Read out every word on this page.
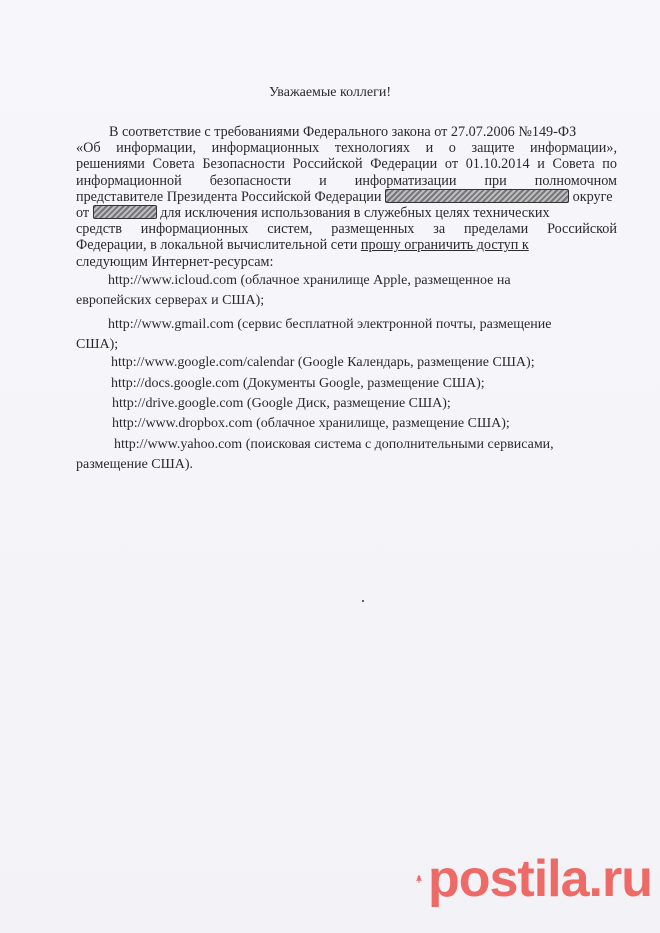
Уважаемые коллеги!
В соответствие с требованиями Федерального закона от 27.07.2006 №149-ФЗ
«Об информации, информационных технологиях и о защите информации»,
решениями Совета Безопасности Российской Федерации от 01.10.2014 и Совета по
информационной безопасности и информатизации при полномочном
представителе Президента Российской Федерации	округе
от	для исключения использования в служебных целях технических
средств информационных систем, размещенных за пределами Российской
Федерации, в локальной вычислительной сети прошу ограничить доступ к
следующим Интернет-ресурсам:
http://www.icloud.com (облачное хранилище Apple, размещенное на
европейских серверах и США);
http://www.gmail.com (сервис бесплатной электронной почты, размещение
США);
http://www.google.com/calendar (Google Календарь, размещение США);
http://docs.google.com (Документы Google, размещение США);
http://drive.google.com (Google Диск, размещение США);
http://www.dropbox.com (облачное хранилище, размещение США);
http://www.yahoo.com (поисковая система с дополнительными сервисами,
размещение США).
postila.ru
